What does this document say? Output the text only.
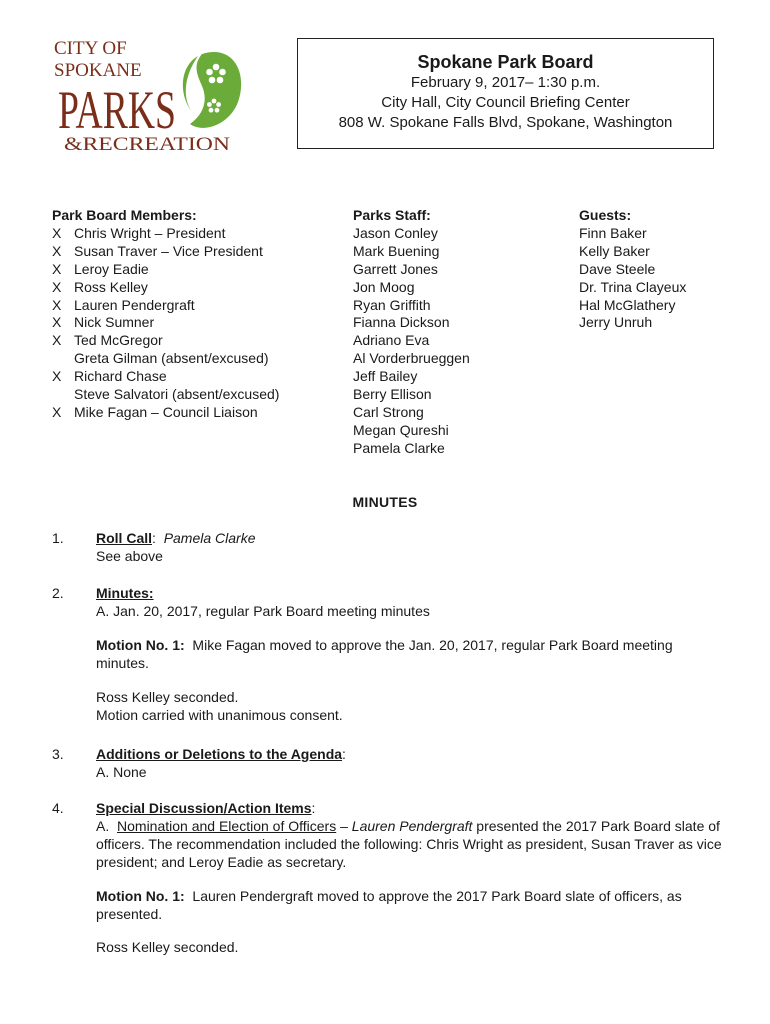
CITY OF
SPOKANE
PARKS
&RECREATION
Spokane Park Board
February 9, 2017– 1:30 p.m.
City Hall, City Council Briefing Center
808 W. Spokane Falls Blvd, Spokane, Washington
Park Board Members:
X Chris Wright – President
X Susan Traver – Vice President
X Leroy Eadie
X Ross Kelley
X Lauren Pendergraft
X Nick Sumner
X Ted McGregor
Greta Gilman (absent/excused)
X Richard Chase
Steve Salvatori (absent/excused)
X Mike Fagan – Council Liaison
Parks Staff:
Jason Conley
Mark Buening
Garrett Jones
Jon Moog
Ryan Griffith
Fianna Dickson
Adriano Eva
Al Vorderbrueggen
Jeff Bailey
Berry Ellison
Carl Strong
Megan Qureshi
Pamela Clarke
Guests:
Finn Baker
Kelly Baker
Dave Steele
Dr. Trina Clayeux
Hal McGlathery
Jerry Unruh
MINUTES
1. Roll Call: Pamela Clarke
See above
2. Minutes:
A. Jan. 20, 2017, regular Park Board meeting minutes
Motion No. 1:  Mike Fagan moved to approve the Jan. 20, 2017, regular Park Board meeting minutes.
Ross Kelley seconded.
Motion carried with unanimous consent.
3. Additions or Deletions to the Agenda:
A. None
4. Special Discussion/Action Items:
A.  Nomination and Election of Officers – Lauren Pendergraft presented the 2017 Park Board slate of officers. The recommendation included the following: Chris Wright as president, Susan Traver as vice president; and Leroy Eadie as secretary.
Motion No. 1:  Lauren Pendergraft moved to approve the 2017 Park Board slate of officers, as presented.
Ross Kelley seconded.
